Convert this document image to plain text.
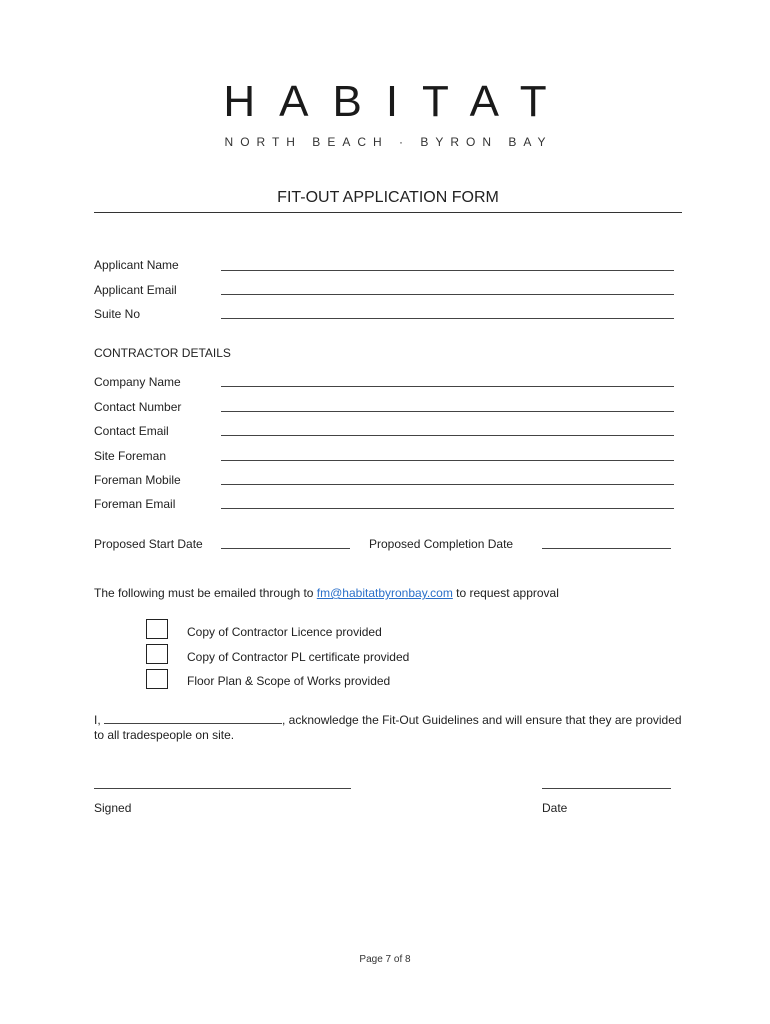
HABITAT
NORTH BEACH · BYRON BAY
FIT-OUT APPLICATION FORM
Applicant Name
Applicant Email
Suite No
CONTRACTOR DETAILS
Company Name
Contact Number
Contact Email
Site Foreman
Foreman Mobile
Foreman Email
Proposed Start Date	Proposed Completion Date
The following must be emailed through to fm@habitatbyronbay.com to request approval
Copy of Contractor Licence provided
Copy of Contractor PL certificate provided
Floor Plan & Scope of Works provided
I,	, acknowledge the Fit-Out Guidelines and will ensure that they are provided to all tradespeople on site.
Signed	Date
Page 7 of 8
